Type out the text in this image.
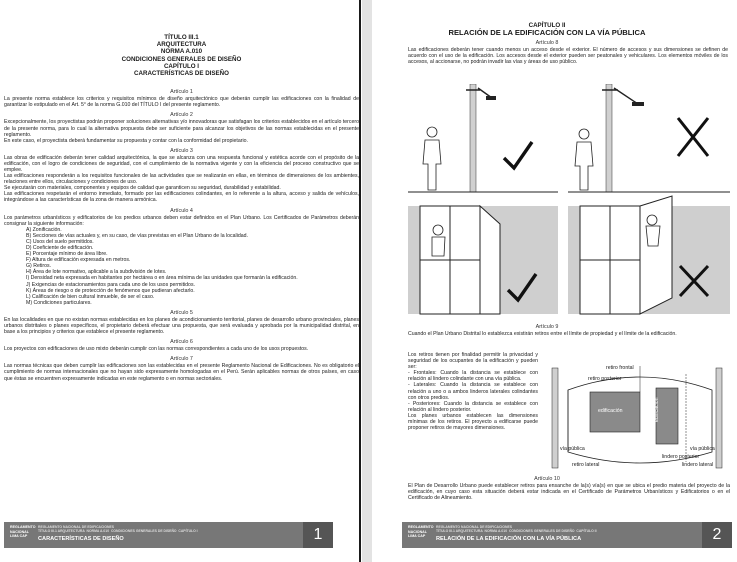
TÍTULO III.1
ARQUITECTURA
NORMA A.010
CONDICIONES GENERALES DE DISEÑO
CAPÍTULO I
CARACTERÍSTICAS DE DISEÑO
Artículo 1
La presente norma establece los criterios y requisitos mínimos de diseño arquitectónico que deberán cumplir las edificaciones con la finalidad de garantizar lo estipulado en el Art. 5° de la norma G.010 del TÍTULO I del presente reglamento.
Artículo 2
Excepcionalmente, los proyectistas podrán proponer soluciones alternativas y/o innovadoras que satisfagan los criterios establecidos en el artículo tercero de la presente norma, para lo cual la alternativa propuesta debe ser suficiente para alcanzar los objetivos de las normas establecidas en el presente reglamento.
En este caso, el proyectista deberá fundamentar su propuesta y contar con la conformidad del propietario.
Artículo 3
Las obras de edificación deberán tener calidad arquitectónica, la que se alcanza con una respuesta funcional y estética acorde con el propósito de la edificación, con el logro de condiciones de seguridad, con el cumplimiento de la normativa vigente y con la eficiencia del proceso constructivo que se emplee.
Las edificaciones responderán a los requisitos funcionales de las actividades que se realizarán en ellas, en términos de dimensiones de los ambientes, relaciones entre ellos, circulaciones y condiciones de uso.
Se ejecutarán con materiales, componentes y equipos de calidad que garanticen su seguridad, durabilidad y estabilidad.
Las edificaciones respetarán el entorno inmediato, formado por las edificaciones colindantes, en lo referente a la altura, acceso y salida de vehículos, integrándose a las características de la zona de manera armónica.
Artículo 4
Los parámetros urbanísticos y edificatorios de los predios urbanos deben estar definidos en el Plan Urbano. Los Certificados de Parámetros deberán consignar la siguiente información:
A) Zonificación.
B) Secciones de vías actuales y, en su caso, de vías previstas en el Plan Urbano de la localidad.
C) Usos del suelo permitidos.
D) Coeficiente de edificación.
E) Porcentaje mínimo de área libre.
F) Altura de edificación expresada en metros.
G) Retiros.
H) Área de lote normativo, aplicable a la subdivisión de lotes.
I) Densidad neta expresada en habitantes por hectárea o en área mínima de las unidades que formarán la edificación.
J) Exigencias de estacionamientos para cada uno de los usos permitidos.
K) Áreas de riesgo o de protección de fenómenos que pudieran afectarlo.
L) Calificación de bien cultural inmueble, de ser el caso.
M) Condiciones particulares.
Artículo 5
En las localidades en que no existan normas establecidas en los planes de acondicionamiento territorial, planes de desarrollo urbano provinciales, planes urbanos distritales o planes específicos, el propietario deberá efectuar una propuesta, que será evaluada y aprobada por la municipalidad distrital, en base a los principios y criterios que establece el presente reglamento.
Artículo 6
Los proyectos con edificaciones de uso mixto deberán cumplir con las normas correspondientes a cada uno de los usos propuestos.
Artículo 7
Las normas técnicas que deben cumplir las edificaciones son las establecidas en el presente Reglamento Nacional de Edificaciones. No es obligatorio el cumplimiento de normas internacionales que no hayan sido expresamente homologadas en el Perú. Serán aplicables normas de otros países, en caso que éstas se encuentren expresamente indicadas en este reglamento o en normas sectoriales.
REGLAMENTO NACIONAL LIMA CAP
REGLAMENTO NACIONAL DE EDIFICACIONES
TÍTULO III.1 ARQUITECTURA  NORMA A.010  CONDICIONES GENERALES DE DISEÑO  CAPÍTULO I
CARACTERÍSTICAS DE DISEÑO	1
CAPÍTULO II
RELACIÓN DE LA EDIFICACIÓN CON LA VÍA PÚBLICA
Artículo 8
Las edificaciones deberán tener cuando menos un acceso desde el exterior. El número de accesos y sus dimensiones se definen de acuerdo con el uso de la edificación. Los accesos desde el exterior pueden ser peatonales y vehiculares. Los elementos móviles de los accesos, al accionarse, no podrán invadir las vías y áreas de uso público.
Artículo 9
Cuando el Plan Urbano Distrital lo establezca existirán retiros entre el límite de propiedad y el límite de la edificación.
Los retiros tienen por finalidad permitir la privacidad y seguridad de los ocupantes de la edificación y pueden ser:
- Frontales: Cuando la distancia se establece con relación al lindero colindante con una vía pública.
- Laterales: Cuando la distancia se establece con relación a uno o a ambos linderos laterales colindantes con otros predios.
- Posteriores: Cuando la distancia se establece con relación al lindero posterior.
Los planes urbanos establecen las dimensiones mínimas de los retiros. El proyecto a edificarse puede proponer retiros de mayores dimensiones.
retiro frontal
retiro posterior
edificación	edificación
lindero posterior
vía pública	vía pública
lindero lateral
retiro lateral
Artículo 10
El Plan de Desarrollo Urbano puede establecer retiros para ensanche de la(s) vía(s) en que se ubica el predio materia del proyecto de la edificación, en cuyo caso esta situación deberá estar indicada en el Certificado de Parámetros Urbanísticos y Edificatorios o en el Certificado de Alineamiento.
REGLAMENTO NACIONAL LIMA CAP
REGLAMENTO NACIONAL DE EDIFICACIONES
TÍTULO III.1 ARQUITECTURA  NORMA A.010  CONDICIONES GENERALES DE DISEÑO  CAPÍTULO II
RELACIÓN DE LA EDIFICACIÓN CON LA VÍA PÚBLICA	2
